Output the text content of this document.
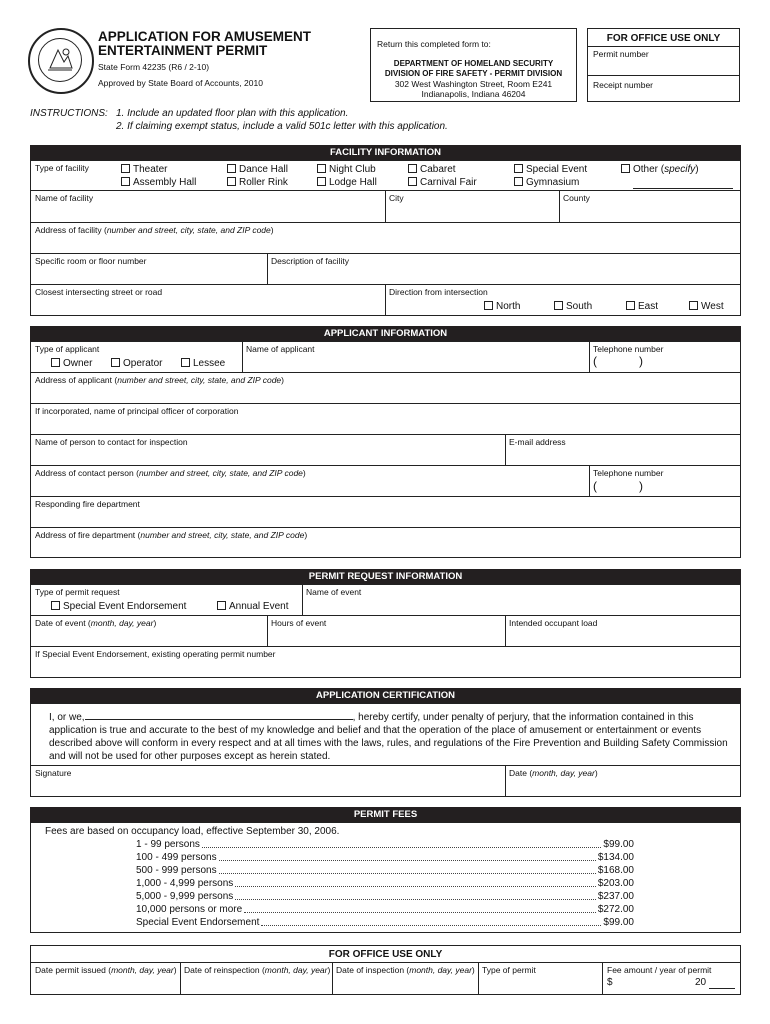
APPLICATION FOR AMUSEMENT
ENTERTAINMENT PERMIT
State Form 42235 (R6 / 2-10)
Approved by State Board of Accounts, 2010
Return this completed form to:
DEPARTMENT OF HOMELAND SECURITY
DIVISION OF FIRE SAFETY - PERMIT DIVISION
302 West Washington Street, Room E241
Indianapolis, Indiana 46204
FOR OFFICE USE ONLY
Permit number
Receipt number
INSTRUCTIONS: 1. Include an updated floor plan with this application.
2. If claiming exempt status, include a valid 501c letter with this application.
FACILITY INFORMATION
Type of facility	Theater
Assembly Hall
Dance Hall
Roller Rink
Night Club
Lodge Hall
Cabaret
Carnival Fair
Special Event
Gymnasium
Other (specify)
Name of facility	City	County
Address of facility (number and street, city, state, and ZIP code)
Specific room or floor number	Description of facility
Closest intersecting street or road	Direction from intersection
North	South	East	West
APPLICANT INFORMATION
Type of applicant
Owner	Operator	Lessee
Name of applicant	Telephone number
(	)
Address of applicant (number and street, city, state, and ZIP code)
If incorporated, name of principal officer of corporation
Name of person to contact for inspection	E-mail address
Address of contact person (number and street, city, state, and ZIP code)	Telephone number
(	)
Responding fire department
Address of fire department (number and street, city, state, and ZIP code)
PERMIT REQUEST INFORMATION
Type of permit request
Special Event Endorsement	Annual Event
Name of event
Date of event (month, day, year)	Hours of event	Intended occupant load
If Special Event Endorsement, existing operating permit number
APPLICATION CERTIFICATION
I, or we,	, hereby certify, under penalty of perjury, that the information contained in this
application is true and accurate to the best of my knowledge and belief and that the operation of the place of amusement or entertainment or events
described above will conform in every respect and at all times with the laws, rules, and regulations of the Fire Prevention and Building Safety Commission
and will not be used for other purposes except as herein stated.
Signature	Date (month, day, year)
PERMIT FEES
Fees are based on occupancy load, effective September 30, 2006.
1 - 99 persons	$99.00
100 - 499 persons	$134.00
500 - 999 persons	$168.00
1,000 - 4,999 persons	$203.00
5,000 - 9,999 persons	$237.00
10,000 persons or more	$272.00
Special Event Endorsement	$99.00
FOR OFFICE USE ONLY
Date permit issued (month, day, year) Date of reinspection (month, day, year) Date of inspection (month, day, year) Type of permit	Fee amount / year of permit
$	20
